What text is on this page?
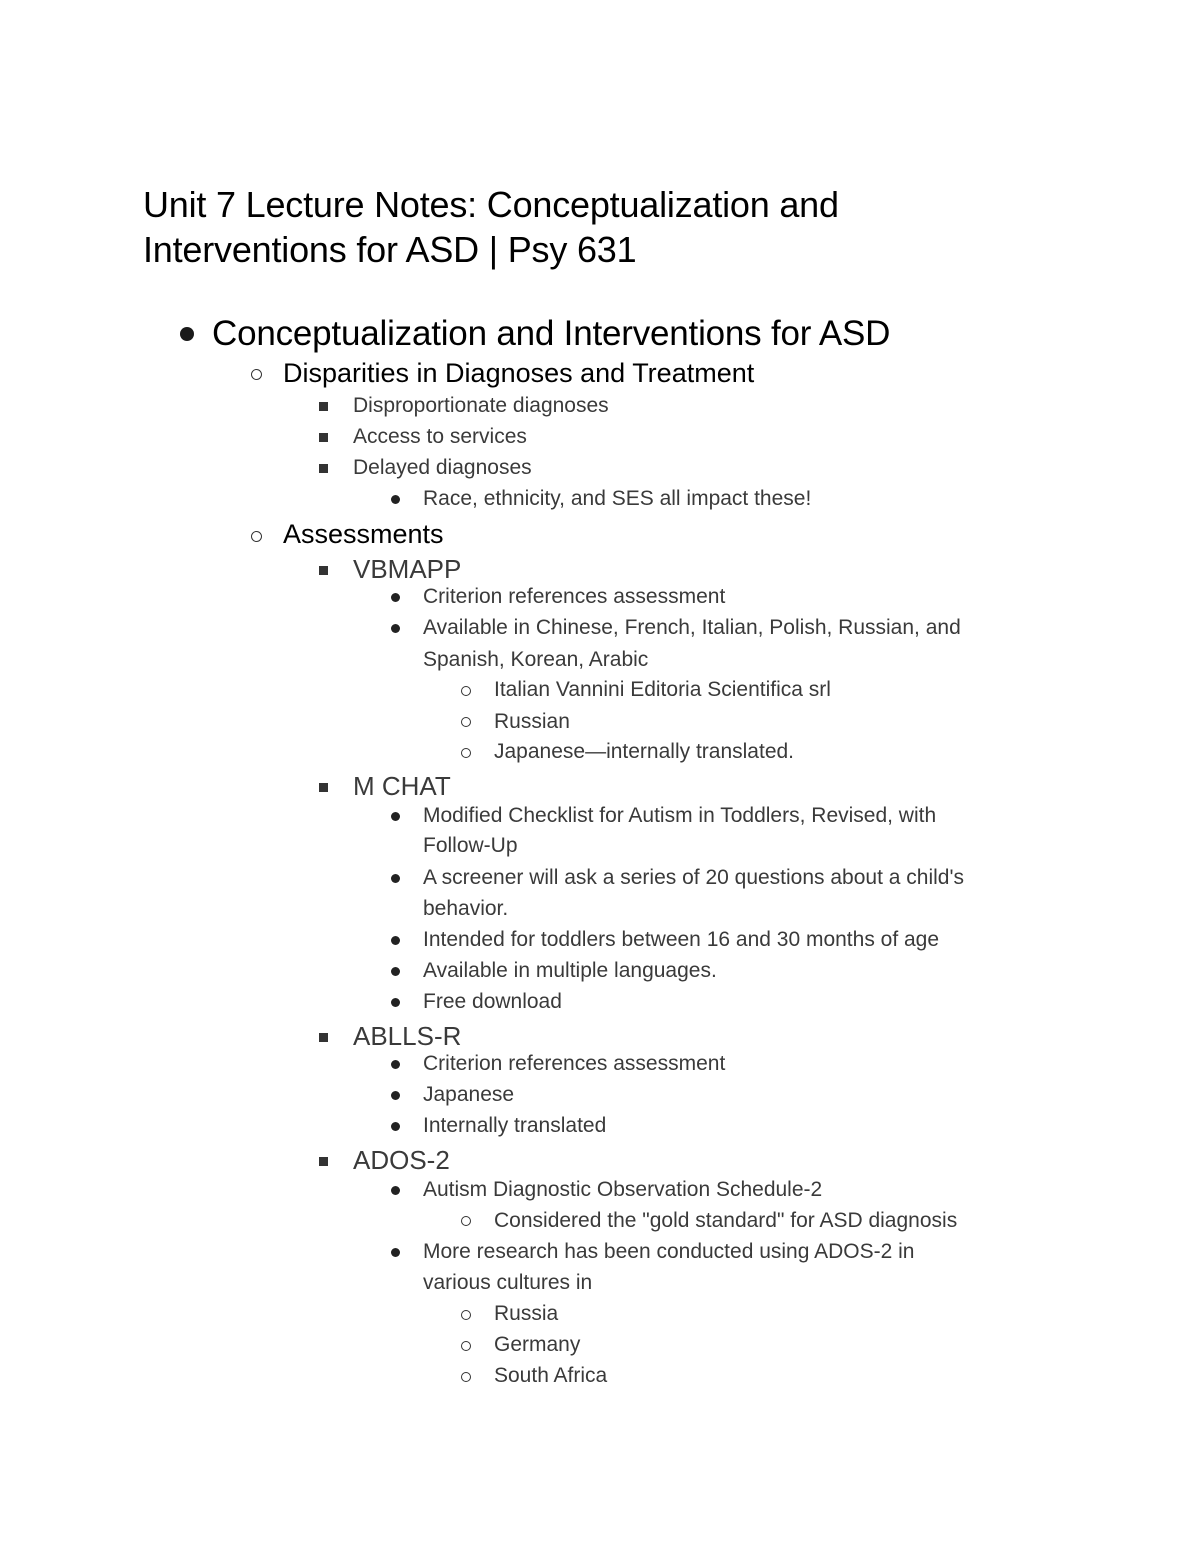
Unit 7 Lecture Notes: Conceptualization and
Interventions for ASD | Psy 631
Conceptualization and Interventions for ASD
Disparities in Diagnoses and Treatment
Disproportionate diagnoses
Access to services
Delayed diagnoses
Race, ethnicity, and SES all impact these!
Assessments
VBMAPP
Criterion references assessment
Available in Chinese, French, Italian, Polish, Russian, and
Spanish, Korean, Arabic
Italian Vannini Editoria Scientifica srl
Russian
Japanese—internally translated.
M CHAT
Modified Checklist for Autism in Toddlers, Revised, with
Follow-Up
A screener will ask a series of 20 questions about a child's
behavior.
Intended for toddlers between 16 and 30 months of age
Available in multiple languages.
Free download
ABLLS-R
Criterion references assessment
Japanese
Internally translated
ADOS-2
Autism Diagnostic Observation Schedule-2
Considered the "gold standard" for ASD diagnosis
More research has been conducted using ADOS-2 in
various cultures in
Russia
Germany
South Africa
